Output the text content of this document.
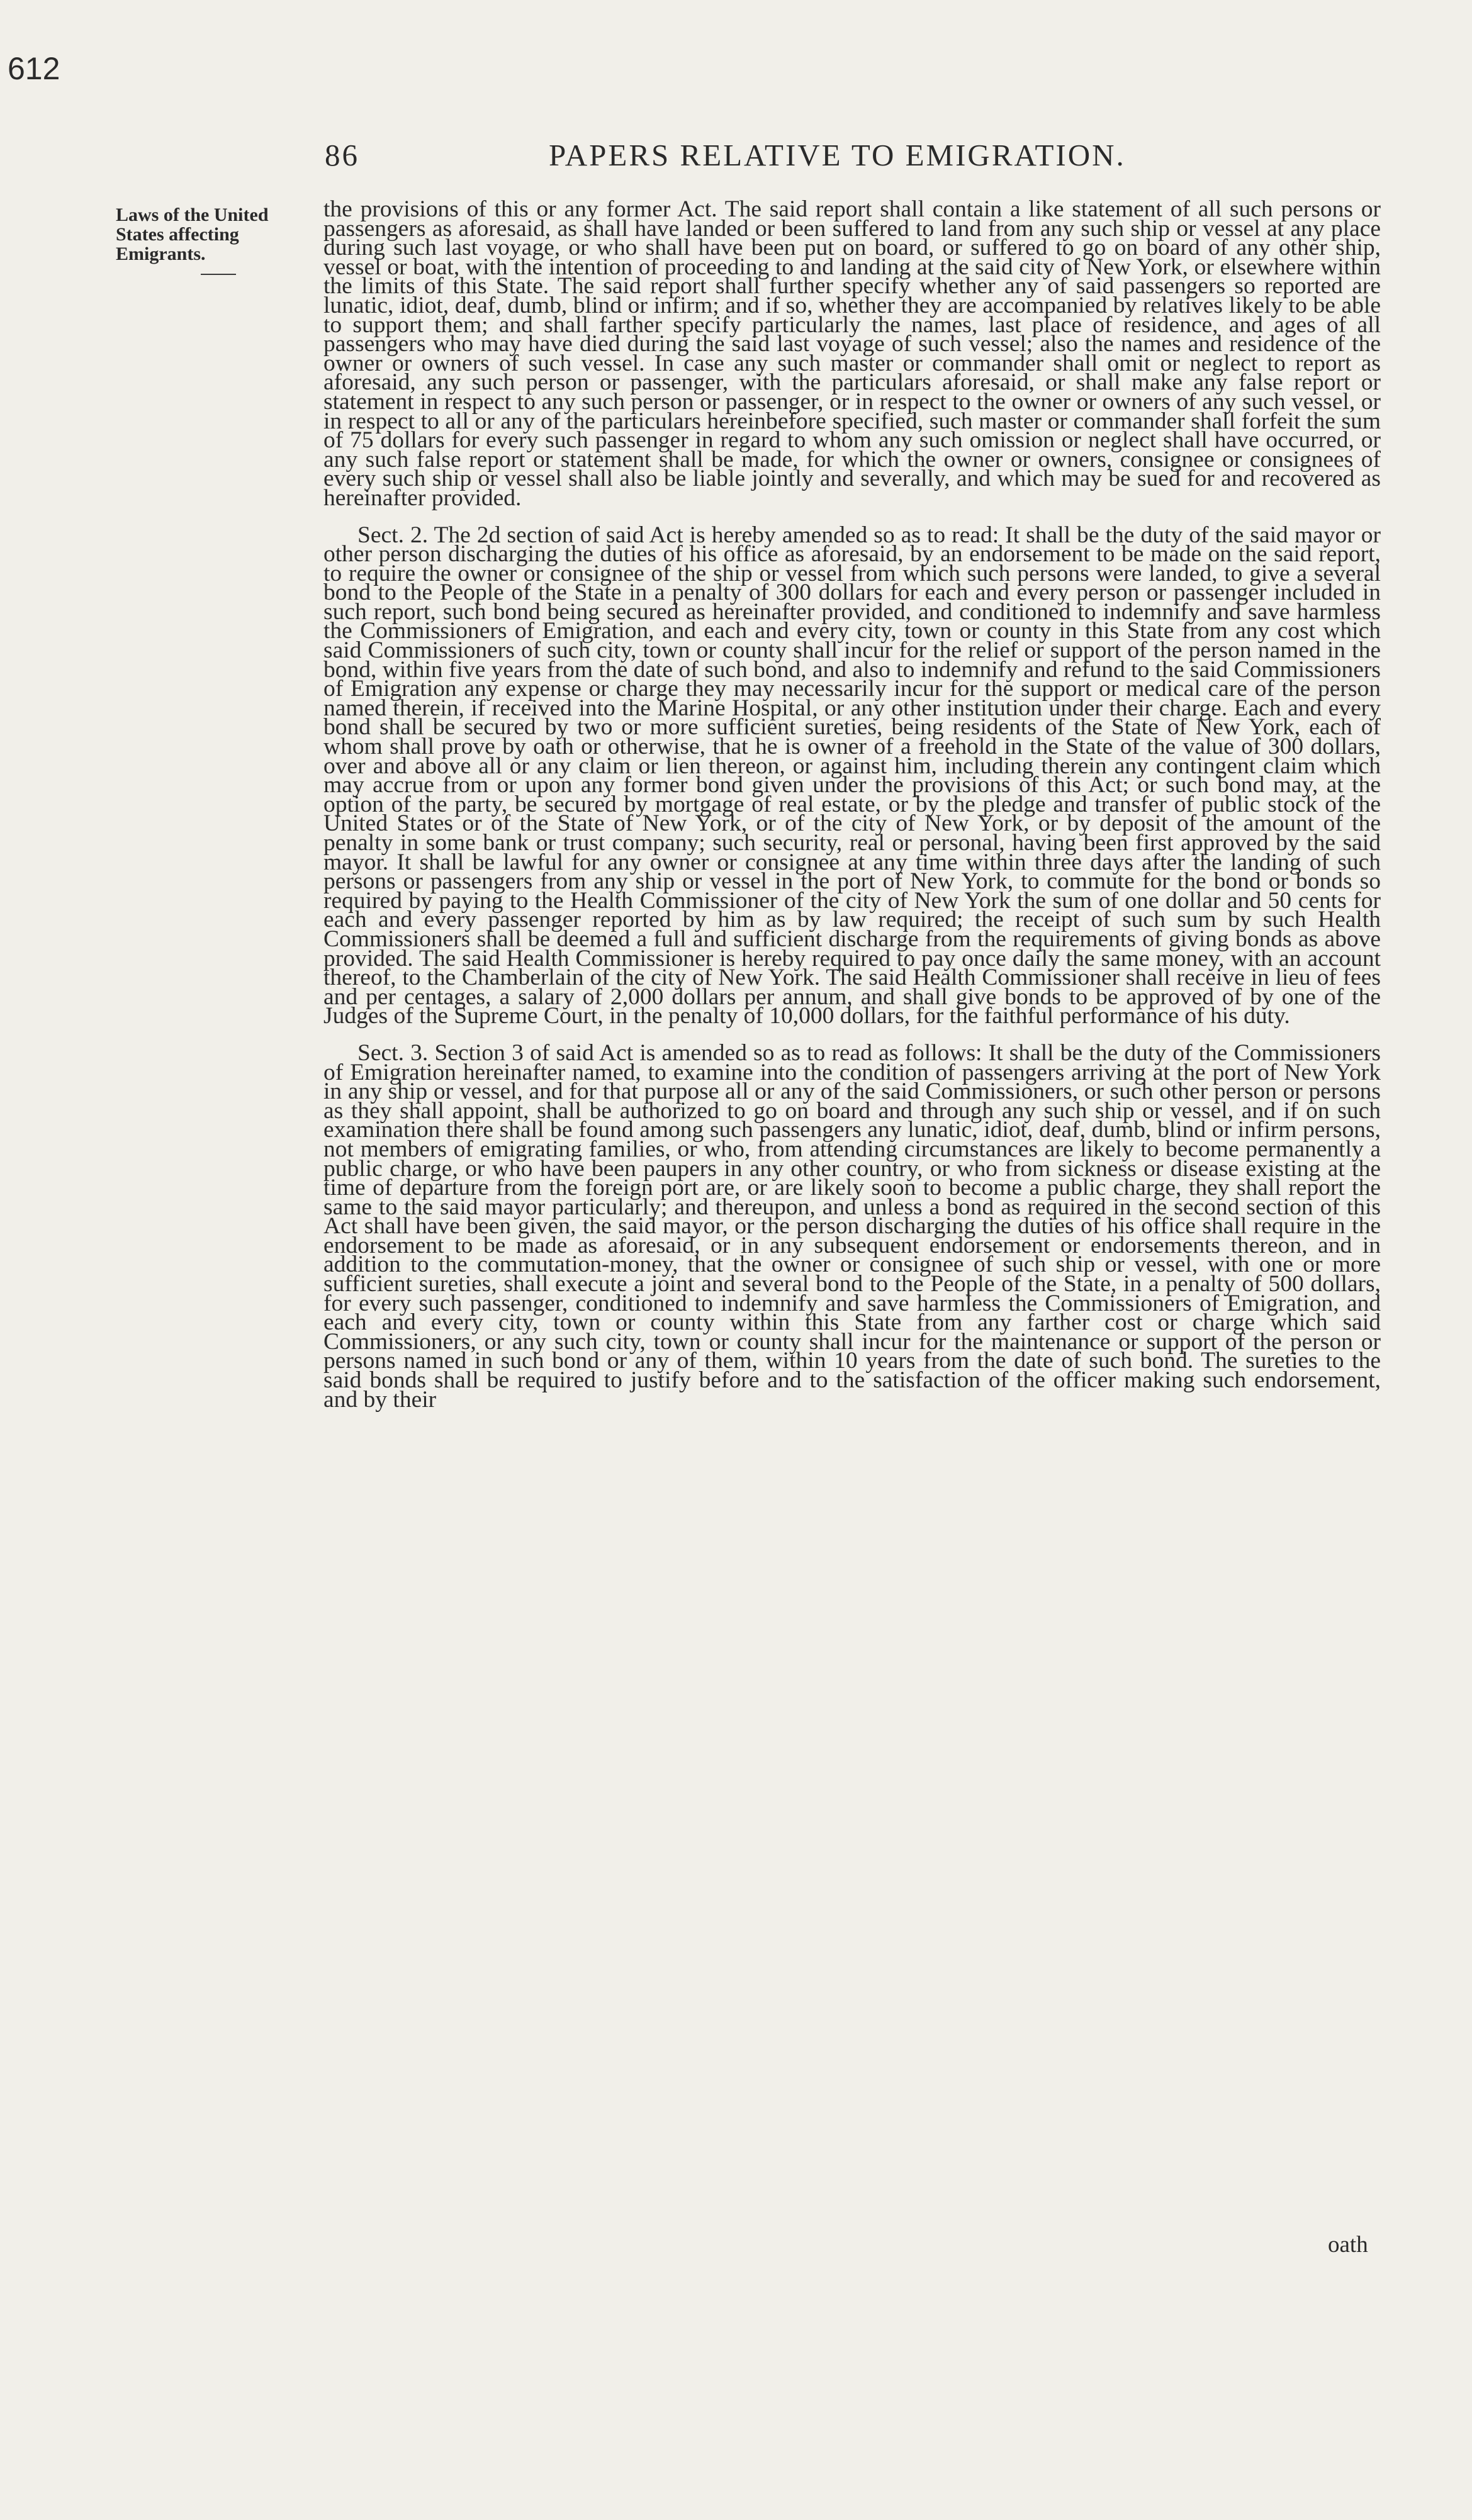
612
86	PAPERS RELATIVE TO EMIGRATION.
Laws of the United States affecting Emigrants.

the provisions of this or any former Act. The said report shall contain a like statement of all such persons or passengers as aforesaid, as shall have landed or been suffered to land from any such ship or vessel at any place during such last voyage, or who shall have been put on board, or suffered to go on board of any other ship, vessel or boat, with the intention of proceeding to and landing at the said city of New York, or elsewhere within the limits of this State. The said report shall further specify whether any of said passengers so reported are lunatic, idiot, deaf, dumb, blind or infirm; and if so, whether they are accompanied by relatives likely to be able to support them; and shall farther specify particularly the names, last place of residence, and ages of all passengers who may have died during the said last voyage of such vessel; also the names and residence of the owner or owners of such vessel. In case any such master or commander shall omit or neglect to report as aforesaid, any such person or passenger, with the particulars aforesaid, or shall make any false report or statement in respect to any such person or passenger, or in respect to the owner or owners of any such vessel, or in respect to all or any of the particulars hereinbefore specified, such master or commander shall forfeit the sum of 75 dollars for every such passenger in regard to whom any such omission or neglect shall have occurred, or any such false report or statement shall be made, for which the owner or owners, consignee or consignees of every such ship or vessel shall also be liable jointly and severally, and which may be sued for and recovered as hereinafter provided.

Sect. 2. The 2d section of said Act is hereby amended so as to read: It shall be the duty of the said mayor or other person discharging the duties of his office as aforesaid, by an endorsement to be made on the said report, to require the owner or consignee of the ship or vessel from which such persons were landed, to give a several bond to the People of the State in a penalty of 300 dollars for each and every person or passenger included in such report, such bond being secured as hereinafter provided, and conditioned to indemnify and save harmless the Commissioners of Emigration, and each and every city, town or county in this State from any cost which said Commissioners of such city, town or county shall incur for the relief or support of the person named in the bond, within five years from the date of such bond, and also to indemnify and refund to the said Commissioners of Emigration any expense or charge they may necessarily incur for the support or medical care of the person named therein, if received into the Marine Hospital, or any other institution under their charge. Each and every bond shall be secured by two or more sufficient sureties, being residents of the State of New York, each of whom shall prove by oath or otherwise, that he is owner of a freehold in the State of the value of 300 dollars, over and above all or any claim or lien thereon, or against him, including therein any contingent claim which may accrue from or upon any former bond given under the provisions of this Act; or such bond may, at the option of the party, be secured by mortgage of real estate, or by the pledge and transfer of public stock of the United States or of the State of New York, or of the city of New York, or by deposit of the amount of the penalty in some bank or trust company; such security, real or personal, having been first approved by the said mayor. It shall be lawful for any owner or consignee at any time within three days after the landing of such persons or passengers from any ship or vessel in the port of New York, to commute for the bond or bonds so required by paying to the Health Commissioner of the city of New York the sum of one dollar and 50 cents for each and every passenger reported by him as by law required; the receipt of such sum by such Health Commissioners shall be deemed a full and sufficient discharge from the requirements of giving bonds as above provided. The said Health Commissioner is hereby required to pay once daily the same money, with an account thereof, to the Chamberlain of the city of New York. The said Health Commissioner shall receive in lieu of fees and per centages, a salary of 2,000 dollars per annum, and shall give bonds to be approved of by one of the Judges of the Supreme Court, in the penalty of 10,000 dollars, for the faithful performance of his duty.

Sect. 3. Section 3 of said Act is amended so as to read as follows: It shall be the duty of the Commissioners of Emigration hereinafter named, to examine into the condition of passengers arriving at the port of New York in any ship or vessel, and for that purpose all or any of the said Commissioners, or such other person or persons as they shall appoint, shall be authorized to go on board and through any such ship or vessel, and if on such examination there shall be found among such passengers any lunatic, idiot, deaf, dumb, blind or infirm persons, not members of emigrating families, or who, from attending circumstances are likely to become permanently a public charge, or who have been paupers in any other country, or who from sickness or disease existing at the time of departure from the foreign port are, or are likely soon to become a public charge, they shall report the same to the said mayor particularly; and thereupon, and unless a bond as required in the second section of this Act shall have been given, the said mayor, or the person discharging the duties of his office shall require in the endorsement to be made as aforesaid, or in any subsequent endorsement or endorsements thereon, and in addition to the commutation-money, that the owner or consignee of such ship or vessel, with one or more sufficient sureties, shall execute a joint and several bond to the People of the State, in a penalty of 500 dollars, for every such passenger, conditioned to indemnify and save harmless the Commissioners of Emigration, and each and every city, town or county within this State from any farther cost or charge which said Commissioners, or any such city, town or county shall incur for the maintenance or support of the person or persons named in such bond or any of them, within 10 years from the date of such bond. The sureties to the said bonds shall be required to justify before and to the satisfaction of the officer making such endorsement, and by their

oath
